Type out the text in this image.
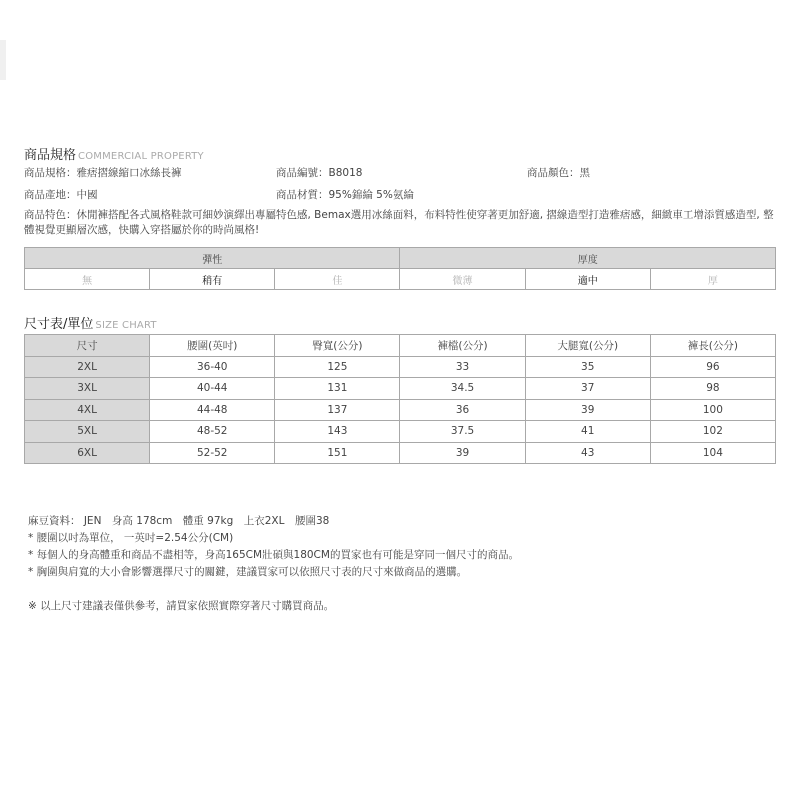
商品規格 COMMERCIAL PROPERTY
商品規格：雅痞摺線縮口冰絲長褲	商品編號：B8018	商品顏色：黑
商品產地：中國	商品材質：95%錦綸 5%氨綸
商品特色：休閒褲搭配各式風格鞋款可細妙演繹出專屬特色感, Bemax選用冰絲面料，布料特性使穿著更加舒適, 摺線造型打造雅痞感，細緻車工增添質感造型, 整體視覺更顯層次感，快購入穿搭屬於你的時尚風格!
彈性			厚度		
無	稍有	佳	微薄	適中	厚
尺寸表/單位 SIZE CHART
尺寸	腰圍(英吋)	臀寬(公分)	褲檔(公分)	大腿寬(公分)	褲長(公分)
2XL	36-40	125	33	35	96
3XL	40-44	131	34.5	37	98
4XL	44-48	137	36	39	100
5XL	48-52	143	37.5	41	102
6XL	52-52	151	39	43	104
麻豆資料： JEN　身高 178cm　體重 97kg　上衣2XL　腰圍38
* 腰圍以吋為單位， 一英吋=2.54公分(CM)
* 每個人的身高體重和商品不盡相等，身高165CM壯碩與180CM的買家也有可能是穿同一個尺寸的商品。
* 胸圍與肩寬的大小會影響選擇尺寸的關鍵，建議買家可以依照尺寸表的尺寸來做商品的選購。
※ 以上尺寸建議表僅供參考，請買家依照實際穿著尺寸購買商品。
